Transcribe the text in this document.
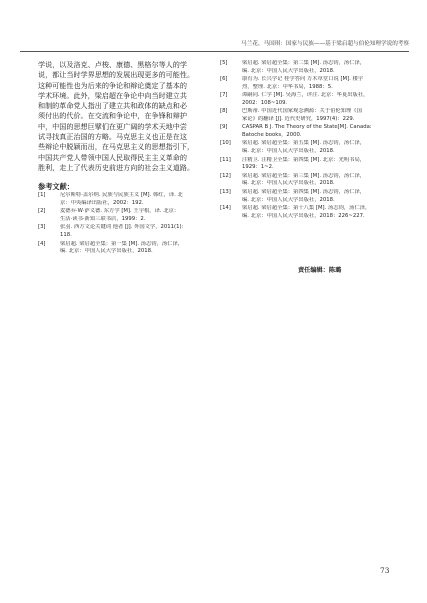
马兰花，马国琪：国家与民族——基于梁启超与伯伦知理学说的考察

学说，以及洛克、卢梭、康德、黑格尔等人的学
说，都让当时学界思想的发展出现更多的可能性。
这种可能性也为后来的争论和辩论奠定了基本的
学术环境。此外，梁启超在争论中向当时建立共
和制的革命党人指出了建立共和政体的缺点和必
须付出的代价。在交流和争论中，在争锋和辩护
中，中国的思想巨擘们在更广阔的学术天地中尝
试寻找真正治国的方略。马克思主义也正是在这
些辩论中脱颖而出，在马克思主义的思想指引下，
中国共产党人带领中国人民取得民主主义革命的
胜利，走上了代表历史前进方向的社会主义道路。

参考文献：
[1]	尼尔斯特·盖尔纳. 民族与民族主义 [M]. 韩红，译. 北
京：中央编译出版社，2002：192.
[2]	麦德乔·W·萨义德. 东方学 [M]. 王宇根，译. 北京：
生活·读书·新知三联书店，1999：2.
[3]	张羽. 西方文论关键词 他者 [J]. 外国文学，2011(1)：
118.
[4]	梁启超. 梁启超全集：第一集 [M]. 汤志钧，汤仁泽，
编. 北京：中国人民大学出版社，2018.
[5]	梁启超. 梁启超全集：第二集 [M]. 汤志钧，汤仁泽，
编. 北京：中国人民大学出版社，2018.
[6]	康有为. 长兴学记 桂学答问 万木草堂口说 [M]. 楼宇
烈，整理. 北京：中华书局，1988：5.
[7]	谭嗣同. 仁学 [M]. 吴海兰，评注. 北京：华夏出版社，
2002：108~109.
[8]	巴斯蒂. 中国近代国家观念溯源：关于伯伦知理《国
家论》的翻译 [J]. 近代史研究，1997(4)：229.
[9]	CASPAR B J. The Theory of the State[M]. Canada:
Batoche books，2000.
[10] 梁启超. 梁启超全集：第五集 [M]. 汤志钧，汤仁泽，
编. 北京：中国人民大学出版社，2018.
[11] 汪精卫. 汪精卫全集：第四集 [M]. 北京：光明书局，
1929：1~2.
[12] 梁启超. 梁启超全集：第三集 [M]. 汤志钧，汤仁泽，
编. 北京：中国人民大学出版社，2018.
[13] 梁启超. 梁启超全集：第四集 [M]. 汤志钧，汤仁泽，
编. 北京：中国人民大学出版社，2018.
[14] 梁启超. 梁启超全集：第十八集 [M]. 汤志钧，汤仁泽，
编. 北京：中国人民大学出版社，2018：226~227.
责任编辑：陈璐
73
